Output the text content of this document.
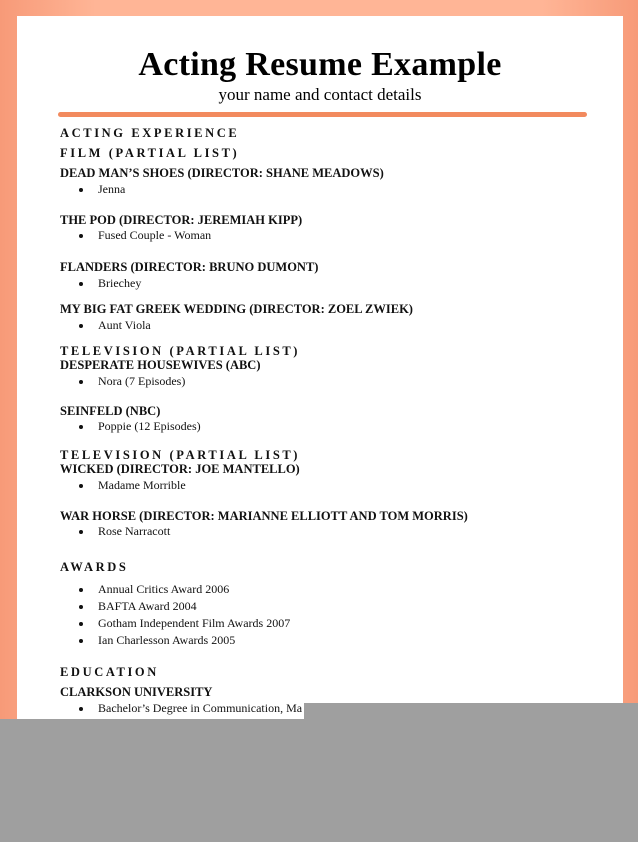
Acting Resume Example
your name and contact details
ACTING EXPERIENCE
FILM (PARTIAL LIST)
DEAD MAN’S SHOES (DIRECTOR: SHANE MEADOWS)
Jenna
THE POD (DIRECTOR: JEREMIAH KIPP)
Fused Couple - Woman
FLANDERS (DIRECTOR: BRUNO DUMONT)
Briechey
MY BIG FAT GREEK WEDDING (DIRECTOR: ZOEL ZWIEK)
Aunt Viola
TELEVISION (PARTIAL LIST)
DESPERATE HOUSEWIVES (ABC)
Nora (7 Episodes)
SEINFELD (NBC)
Poppie (12 Episodes)
TELEVISION (PARTIAL LIST)
WICKED (DIRECTOR: JOE MANTELLO)
Madame Morrible
WAR HORSE (DIRECTOR: MARIANNE ELLIOTT AND TOM MORRIS)
Rose Narracott
AWARDS
Annual Critics Award 2006
BAFTA Award 2004
Gotham Independent Film Awards 2007
Ian Charlesson Awards 2005
EDUCATION
CLARKSON UNIVERSITY
Bachelor’s Degree in Communication, Ma
